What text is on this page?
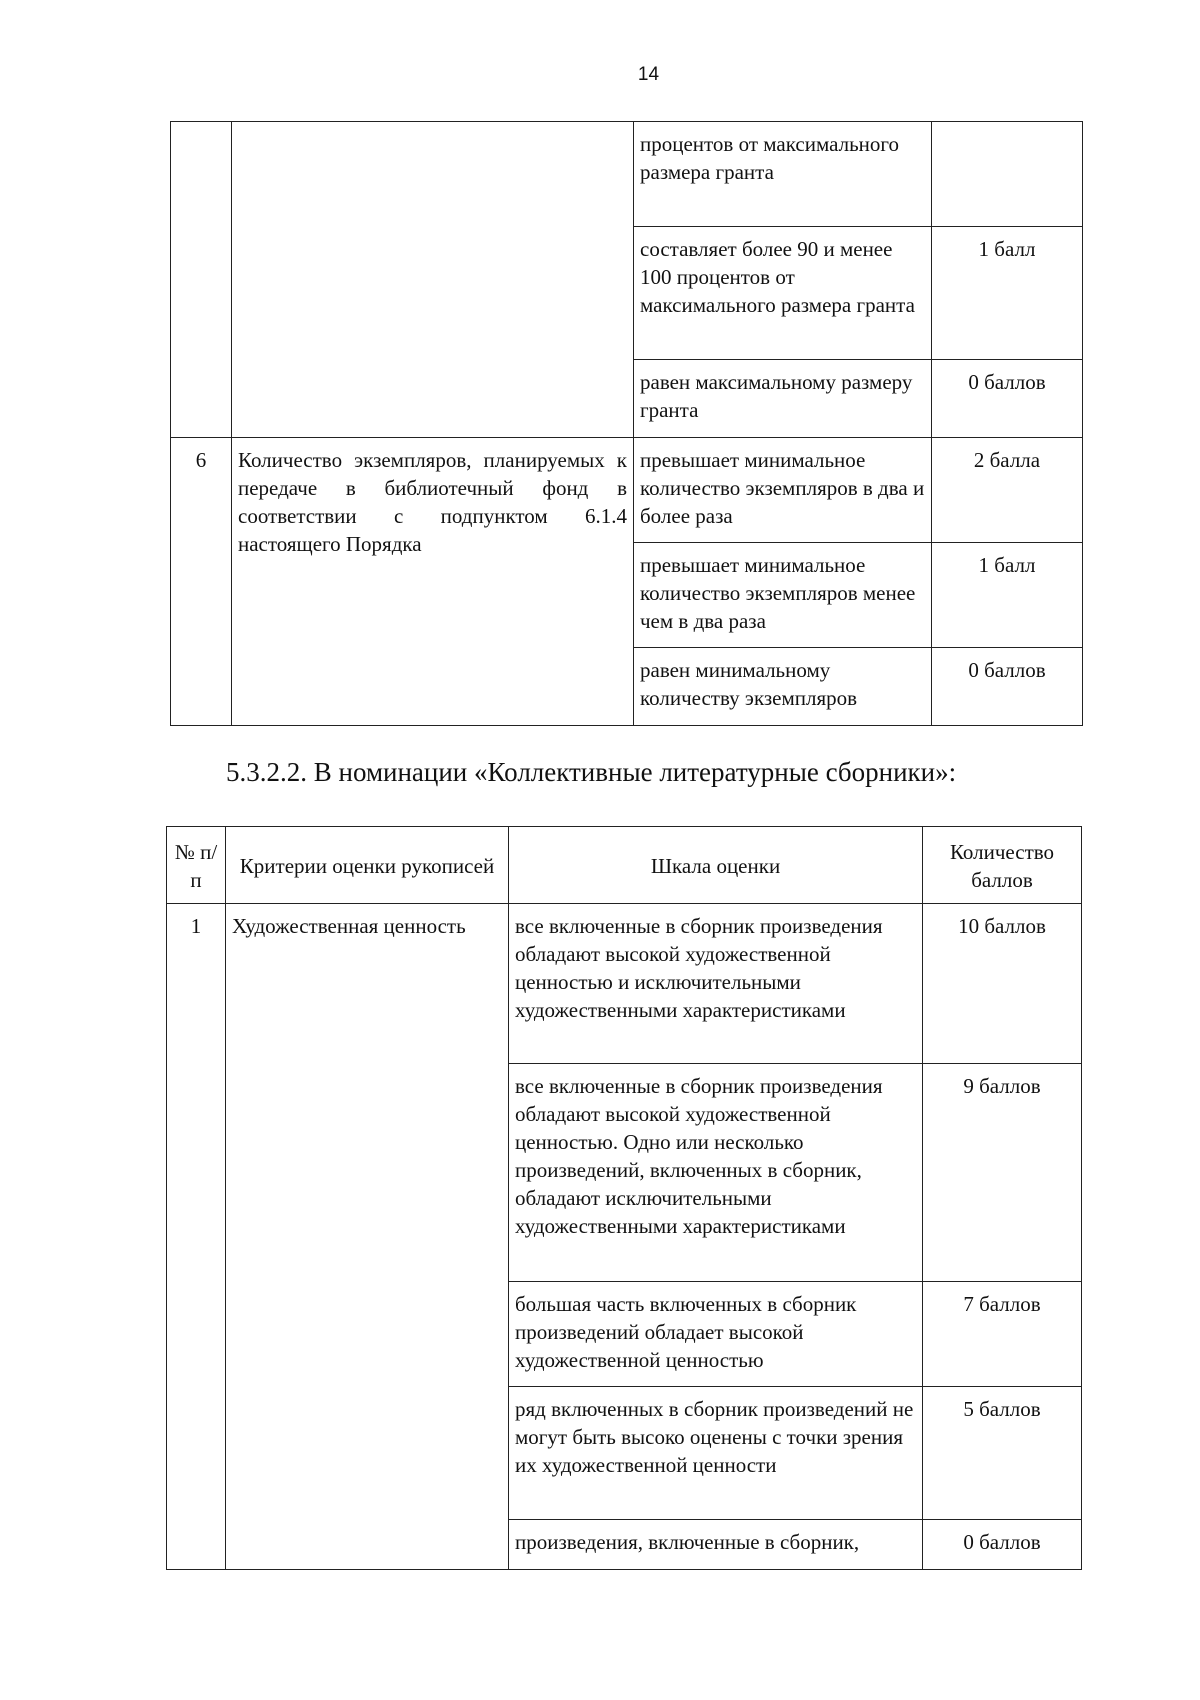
14
		процентов от максимального размера гранта	
		составляет более 90 и менее 100 процентов от максимального размера гранта	1 балл
		равен максимальному размеру гранта	0 баллов
6	Количество экземпляров, планируемых к передаче в библиотечный фонд в соответствии с подпунктом 6.1.4 настоящего Порядка	превышает минимальное количество экземпляров в два и более раза	2 балла
		превышает минимальное количество экземпляров менее чем в два раза	1 балл
		равен минимальному количеству экземпляров	0 баллов
5.3.2.2. В номинации «Коллективные литературные сборники»:
№ п/п	Критерии оценки рукописей	Шкала оценки	Количество баллов
1	Художественная ценность	все включенные в сборник произведения обладают высокой художественной ценностью и исключительными художественными характеристиками	10 баллов
		все включенные в сборник произведения обладают высокой художественной ценностью. Одно или несколько произведений, включенных в сборник, обладают исключительными художественными характеристиками	9 баллов
		большая часть включенных в сборник произведений обладает высокой художественной ценностью	7 баллов
		ряд включенных в сборник произведений не могут быть высоко оценены с точки зрения их художественной ценности	5 баллов
		произведения, включенные в сборник,	0 баллов
